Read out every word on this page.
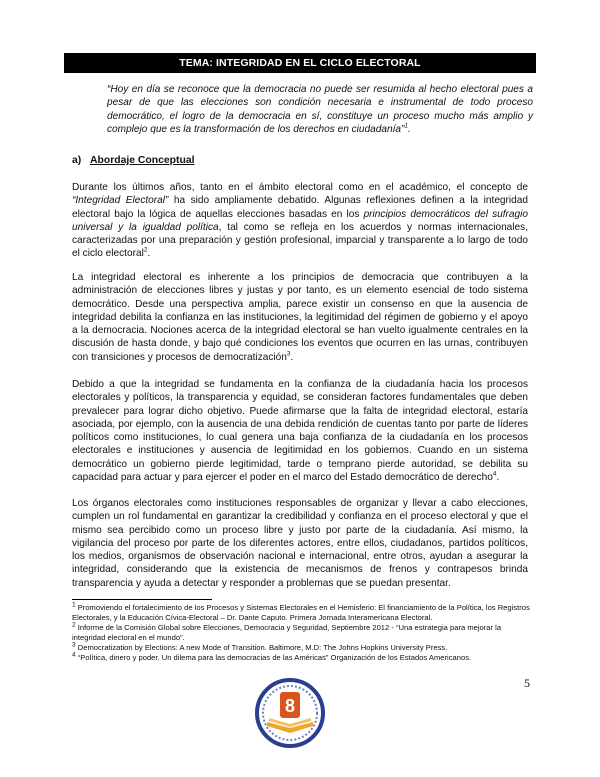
TEMA: INTEGRIDAD EN EL CICLO ELECTORAL
“Hoy en día se reconoce que la democracia no puede ser resumida al hecho electoral pues a pesar de que las elecciones son condición necesaria e instrumental de todo proceso democrático, el logro de la democracia en sí, constituye un proceso mucho más amplio y complejo que es la transformación de los derechos en ciudadanía”$^1$.
a) Abordaje Conceptual
Durante los últimos años, tanto en el ámbito electoral como en el académico, el concepto de “Integridad Electoral” ha sido ampliamente debatido. Algunas reflexiones definen a la integridad electoral bajo la lógica de aquellas elecciones basadas en los principios democráticos del sufragio universal y la igualdad política, tal como se refleja en los acuerdos y normas internacionales, caracterizadas por una preparación y gestión profesional, imparcial y transparente a lo largo de todo el ciclo electoral$^2$.
La integridad electoral es inherente a los principios de democracia que contribuyen a la administración de elecciones libres y justas y por tanto, es un elemento esencial de todo sistema democrático. Desde una perspectiva amplia, parece existir un consenso en que la ausencia de integridad debilita la confianza en las instituciones, la legitimidad del régimen de gobierno y el apoyo a la democracia. Nociones acerca de la integridad electoral se han vuelto igualmente centrales en la discusión de hasta donde, y bajo qué condiciones los eventos que ocurren en las urnas, contribuyen con transiciones y procesos de democratización$^3$.
Debido a que la integridad se fundamenta en la confianza de la ciudadanía hacia los procesos electorales y políticos, la transparencia y equidad, se consideran factores fundamentales que deben prevalecer para lograr dicho objetivo. Puede afirmarse que la falta de integridad electoral, estaría asociada, por ejemplo, con la ausencia de una debida rendición de cuentas tanto por parte de líderes políticos como instituciones, lo cual genera una baja confianza de la ciudadanía en los procesos electorales e instituciones y ausencia de legitimidad en los gobiernos. Cuando en un sistema democrático un gobierno pierde legitimidad, tarde o temprano pierde autoridad, se debilita su capacidad para actuar y para ejercer el poder en el marco del Estado democrático de derecho$^4$.
Los órganos electorales como instituciones responsables de organizar y llevar a cabo elecciones, cumplen un rol fundamental en garantizar la credibilidad y confianza en el proceso electoral y que el mismo sea percibido como un proceso libre y justo por parte de la ciudadanía. Así mismo, la vigilancia del proceso por parte de los diferentes actores, entre ellos, ciudadanos, partidos políticos, los medios, organismos de observación nacional e internacional, entre otros, ayudan a asegurar la integridad, considerando que la existencia de mecanismos de frenos y contrapesos brinda transparencia y ayuda a detectar y responder a problemas que se puedan presentar.

$^1$ Promoviendo el fortalecimiento de los Procesos y Sistemas Electorales en el Hemisferio: El financiamiento de la Política, los Registros Electorales, y la Educación Cívica-Electoral – Dr. Dante Caputo. Primera Jornada Interamericana Electoral.

$^2$ Informe de la Comisión Global sobre Elecciones, Democracia y Seguridad, Septiembre 2012 - “Una estrategia para mejorar la integridad electoral en el mundo”.

$^3$ Democratization by Elections: A new Mode of Transition. Baltimore, M.D: The Johns Hopkins University Press.

$^4$ “Política, dinero y poder. Un dilema para las democracias de las Américas” Organización de los Estados Americanos.

5
8
